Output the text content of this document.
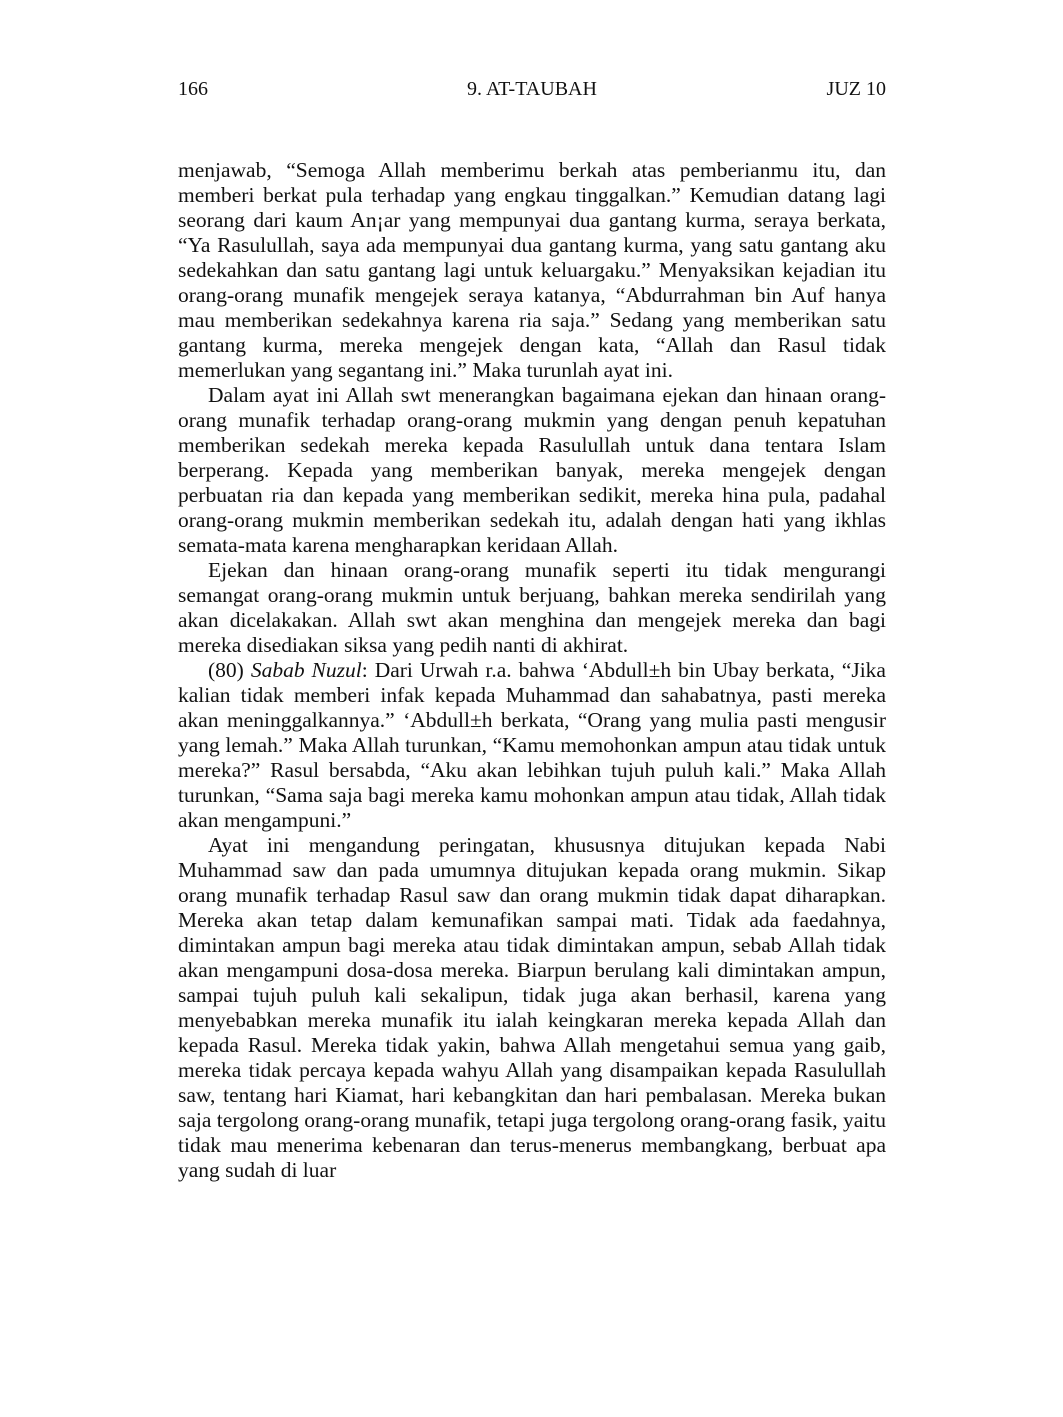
166	9. AT-TAUBAH	JUZ 10

menjawab, “Semoga Allah memberimu berkah atas pemberianmu itu, dan memberi berkat pula terhadap yang engkau tinggalkan.” Kemudian datang lagi seorang dari kaum An¡ar yang mempunyai dua gantang kurma, seraya berkata, “Ya Rasulullah, saya ada mempunyai dua gantang kurma, yang satu gantang aku sedekahkan dan satu gantang lagi untuk keluargaku.” Menyaksikan kejadian itu orang-orang munafik mengejek seraya katanya, “Abdurrahman bin Auf hanya mau memberikan sedekahnya karena ria saja.” Sedang yang memberikan satu gantang kurma, mereka mengejek dengan kata, “Allah dan Rasul tidak memerlukan yang segantang ini.” Maka turunlah ayat ini.

Dalam ayat ini Allah swt menerangkan bagaimana ejekan dan hinaan orang-orang munafik terhadap orang-orang mukmin yang dengan penuh kepatuhan memberikan sedekah mereka kepada Rasulullah untuk dana tentara Islam berperang. Kepada yang memberikan banyak, mereka mengejek dengan perbuatan ria dan kepada yang memberikan sedikit, mereka hina pula, padahal orang-orang mukmin memberikan sedekah itu, adalah dengan hati yang ikhlas semata-mata karena mengharapkan keridaan Allah.

Ejekan dan hinaan orang-orang munafik seperti itu tidak mengurangi semangat orang-orang mukmin untuk berjuang, bahkan mereka sendirilah yang akan dicelakakan. Allah swt akan menghina dan mengejek mereka dan bagi mereka disediakan siksa yang pedih nanti di akhirat.

(80) Sabab Nuzul: Dari Urwah r.a. bahwa ‘Abdull±h bin Ubay berkata, “Jika kalian tidak memberi infak kepada Muhammad dan sahabatnya, pasti mereka akan meninggalkannya.” ‘Abdull±h berkata, “Orang yang mulia pasti mengusir yang lemah.” Maka Allah turunkan, “Kamu memohonkan ampun atau tidak untuk mereka?” Rasul bersabda, “Aku akan lebihkan tujuh puluh kali.” Maka Allah turunkan, “Sama saja bagi mereka kamu mohonkan ampun atau tidak, Allah tidak akan mengampuni.”

Ayat ini mengandung peringatan, khususnya ditujukan kepada Nabi Muhammad saw dan pada umumnya ditujukan kepada orang mukmin. Sikap orang munafik terhadap Rasul saw dan orang mukmin tidak dapat diharapkan. Mereka akan tetap dalam kemunafikan sampai mati. Tidak ada faedahnya, dimintakan ampun bagi mereka atau tidak dimintakan ampun, sebab Allah tidak akan mengampuni dosa-dosa mereka. Biarpun berulang kali dimintakan ampun, sampai tujuh puluh kali sekalipun, tidak juga akan berhasil, karena yang menyebabkan mereka munafik itu ialah keingkaran mereka kepada Allah dan kepada Rasul. Mereka tidak yakin, bahwa Allah mengetahui semua yang gaib, mereka tidak percaya kepada wahyu Allah yang disampaikan kepada Rasulullah saw, tentang hari Kiamat, hari kebangkitan dan hari pembalasan. Mereka bukan saja tergolong orang-orang munafik, tetapi juga tergolong orang-orang fasik, yaitu tidak mau menerima kebenaran dan terus-menerus membangkang, berbuat apa yang sudah di luar
